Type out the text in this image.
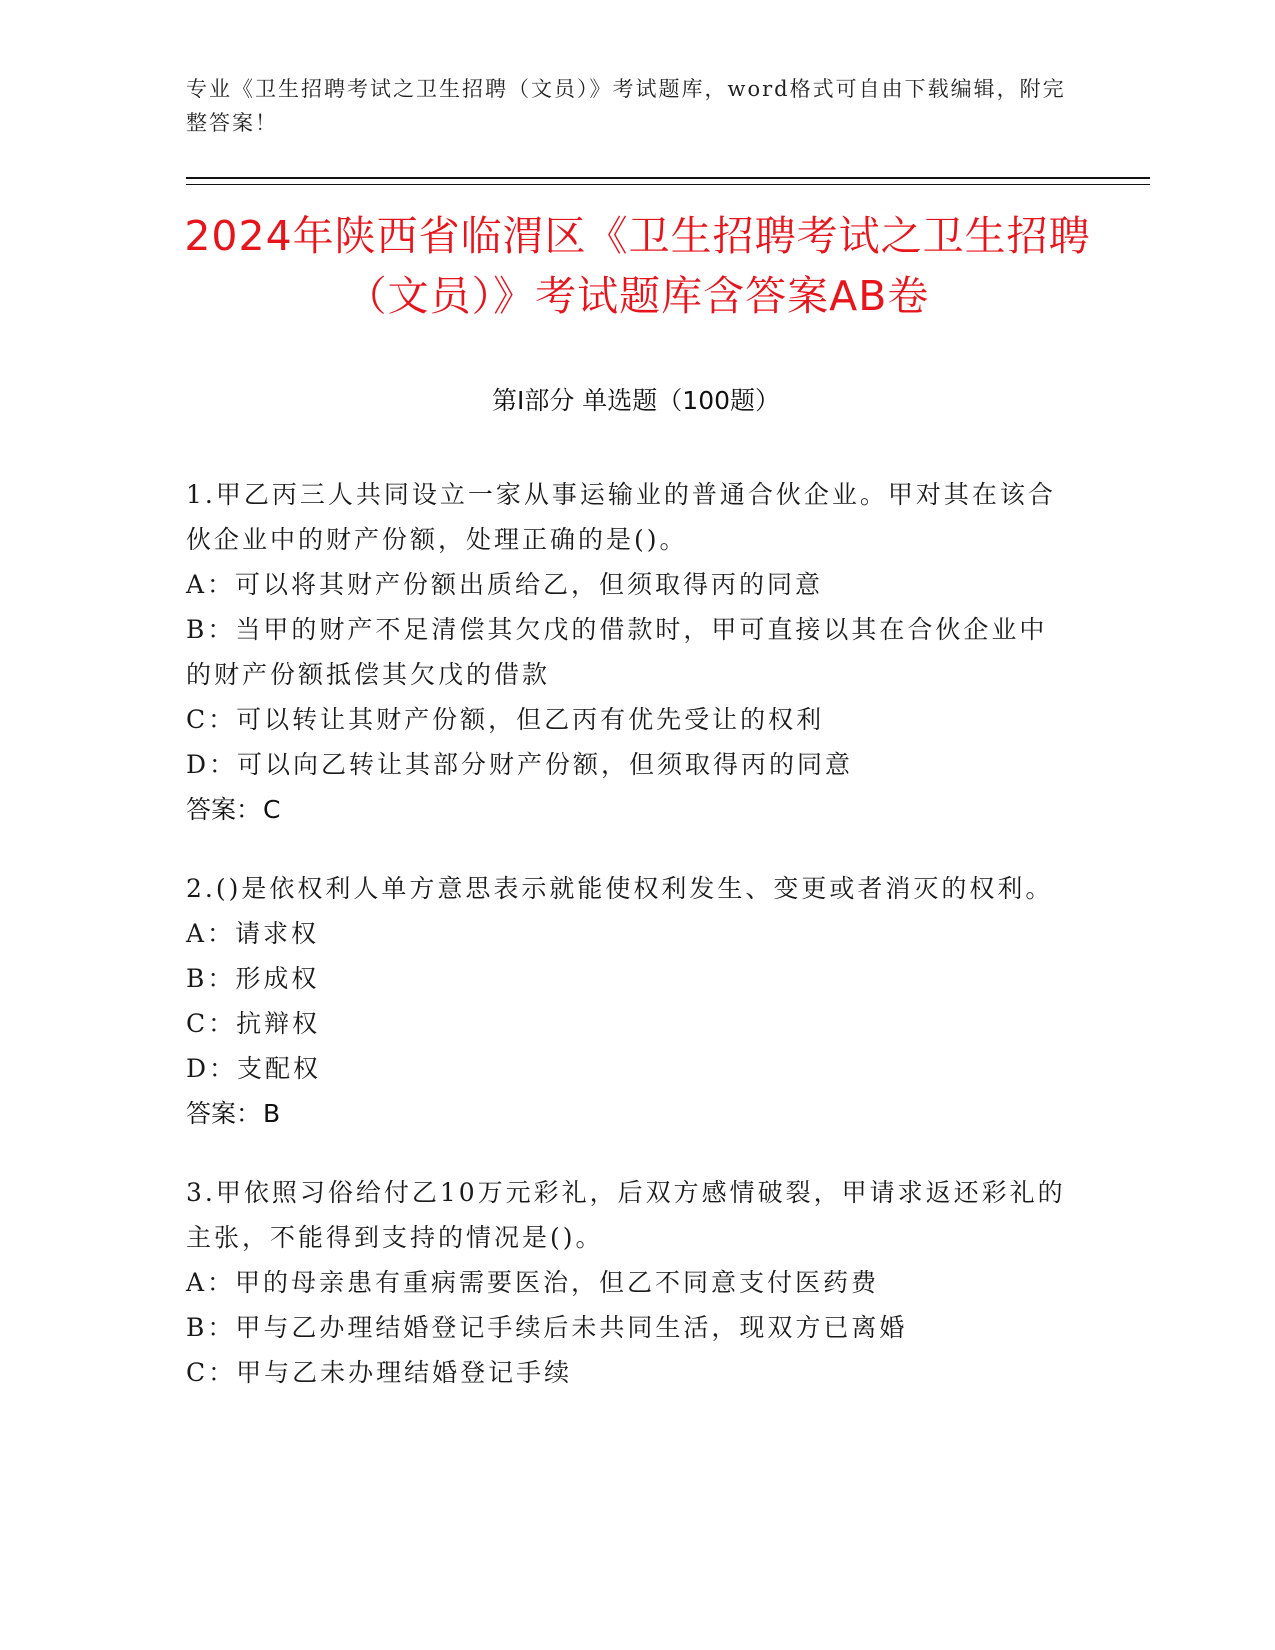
专业《卫生招聘考试之卫生招聘（文员）》考试题库，word格式可自由下载编辑，附完整答案！
2024年陕西省临渭区《卫生招聘考试之卫生招聘（文员）》考试题库含答案AB卷
第Ⅰ部分 单选题（100题）
1.甲乙丙三人共同设立一家从事运输业的普通合伙企业。甲对其在该合伙企业中的财产份额，处理正确的是()。
A：可以将其财产份额出质给乙，但须取得丙的同意
B：当甲的财产不足清偿其欠戊的借款时，甲可直接以其在合伙企业中的财产份额抵偿其欠戊的借款
C：可以转让其财产份额，但乙丙有优先受让的权利
D：可以向乙转让其部分财产份额，但须取得丙的同意
答案：C
2.()是依权利人单方意思表示就能使权利发生、变更或者消灭的权利。
A：请求权
B：形成权
C：抗辩权
D：支配权
答案：B
3.甲依照习俗给付乙10万元彩礼，后双方感情破裂，甲请求返还彩礼的主张，不能得到支持的情况是()。
A：甲的母亲患有重病需要医治，但乙不同意支付医药费
B：甲与乙办理结婚登记手续后未共同生活，现双方已离婚
C：甲与乙未办理结婚登记手续
